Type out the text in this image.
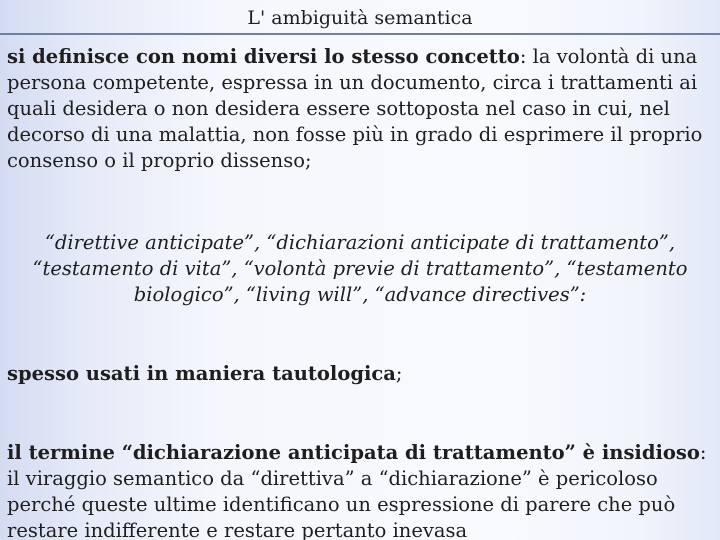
L' ambiguità semantica

si definisce con nomi diversi lo stesso concetto: la volontà di una persona competente, espressa in un documento, circa i trattamenti ai quali desidera o non desidera essere sottoposta nel caso in cui, nel decorso di una malattia, non fosse più in grado di esprimere il proprio consenso o il proprio dissenso;

“direttive anticipate”, “dichiarazioni anticipate di trattamento”, “testamento di vita”, “volontà previe di trattamento”, “testamento biologico”, “living will”, “advance directives”:

spesso usati in maniera tautologica;

il termine “dichiarazione anticipata di trattamento” è insidioso: il viraggio semantico da “direttiva” a “dichiarazione” è pericoloso perché queste ultime identificano un espressione di parere che può restare indifferente e restare pertanto inevasa
